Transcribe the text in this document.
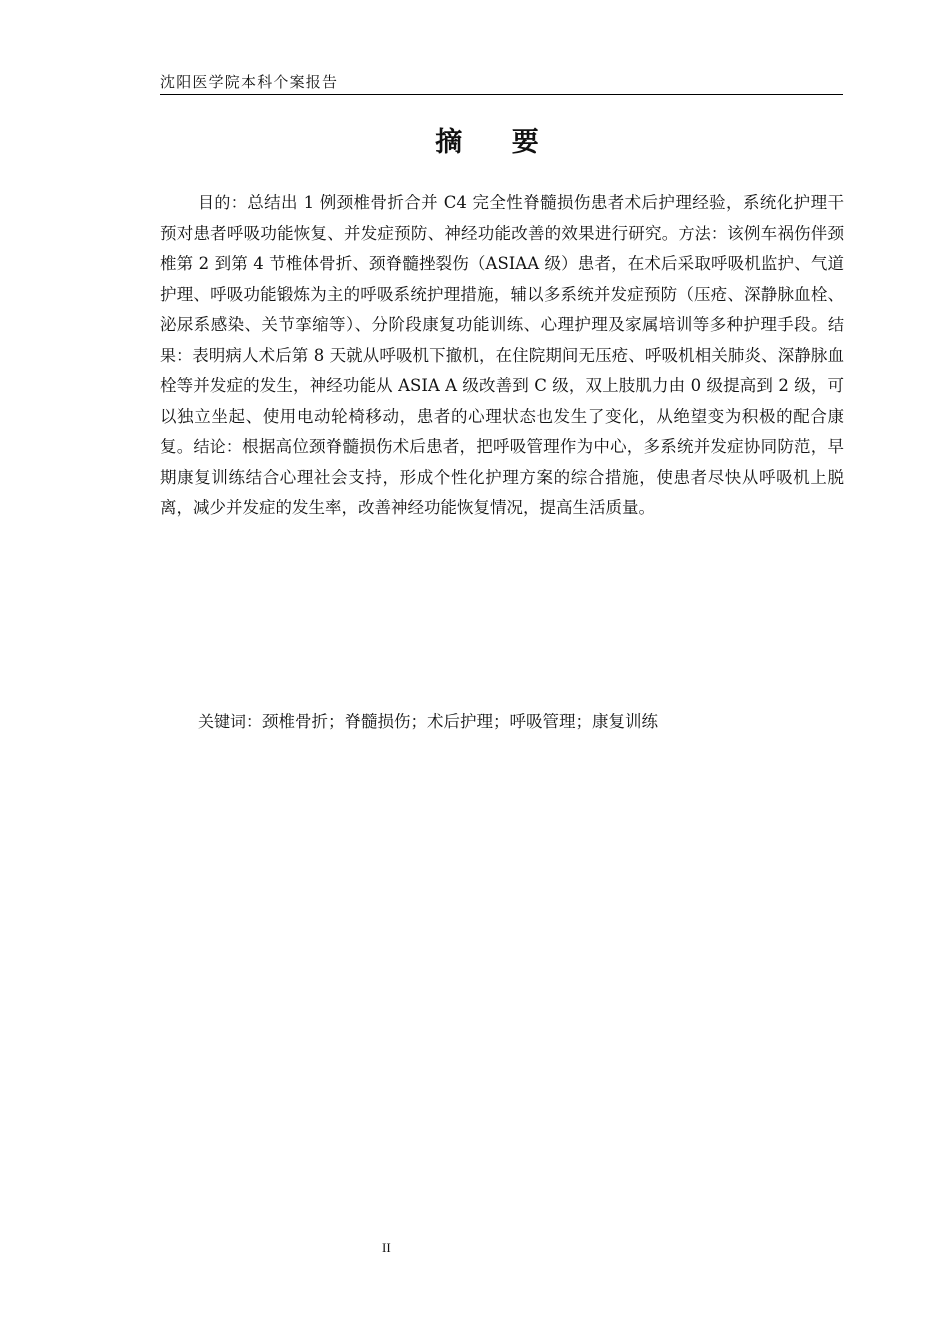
沈阳医学院本科个案报告
摘 要

目的：总结出 1 例颈椎骨折合并 C4 完全性脊髓损伤患者术后护理经验，系统化护理干预对患者呼吸功能恢复、并发症预防、神经功能改善的效果进行研究。方法：该例车祸伤伴颈椎第 2 到第 4 节椎体骨折、颈脊髓挫裂伤（ASIAA 级）患者，在术后采取呼吸机监护、气道护理、呼吸功能锻炼为主的呼吸系统护理措施，辅以多系统并发症预防（压疮、深静脉血栓、泌尿系感染、关节挛缩等）、分阶段康复功能训练、心理护理及家属培训等多种护理手段。结果：表明病人术后第 8 天就从呼吸机下撤机，在住院期间无压疮、呼吸机相关肺炎、深静脉血栓等并发症的发生，神经功能从 ASIA A 级改善到 C 级，双上肢肌力由 0 级提高到 2 级，可以独立坐起、使用电动轮椅移动，患者的心理状态也发生了变化，从绝望变为积极的配合康复。结论：根据高位颈脊髓损伤术后患者，把呼吸管理作为中心，多系统并发症协同防范，早期康复训练结合心理社会支持，形成个性化护理方案的综合措施，使患者尽快从呼吸机上脱离，减少并发症的发生率，改善神经功能恢复情况，提高生活质量。

关键词：颈椎骨折；脊髓损伤；术后护理；呼吸管理；康复训练
II
